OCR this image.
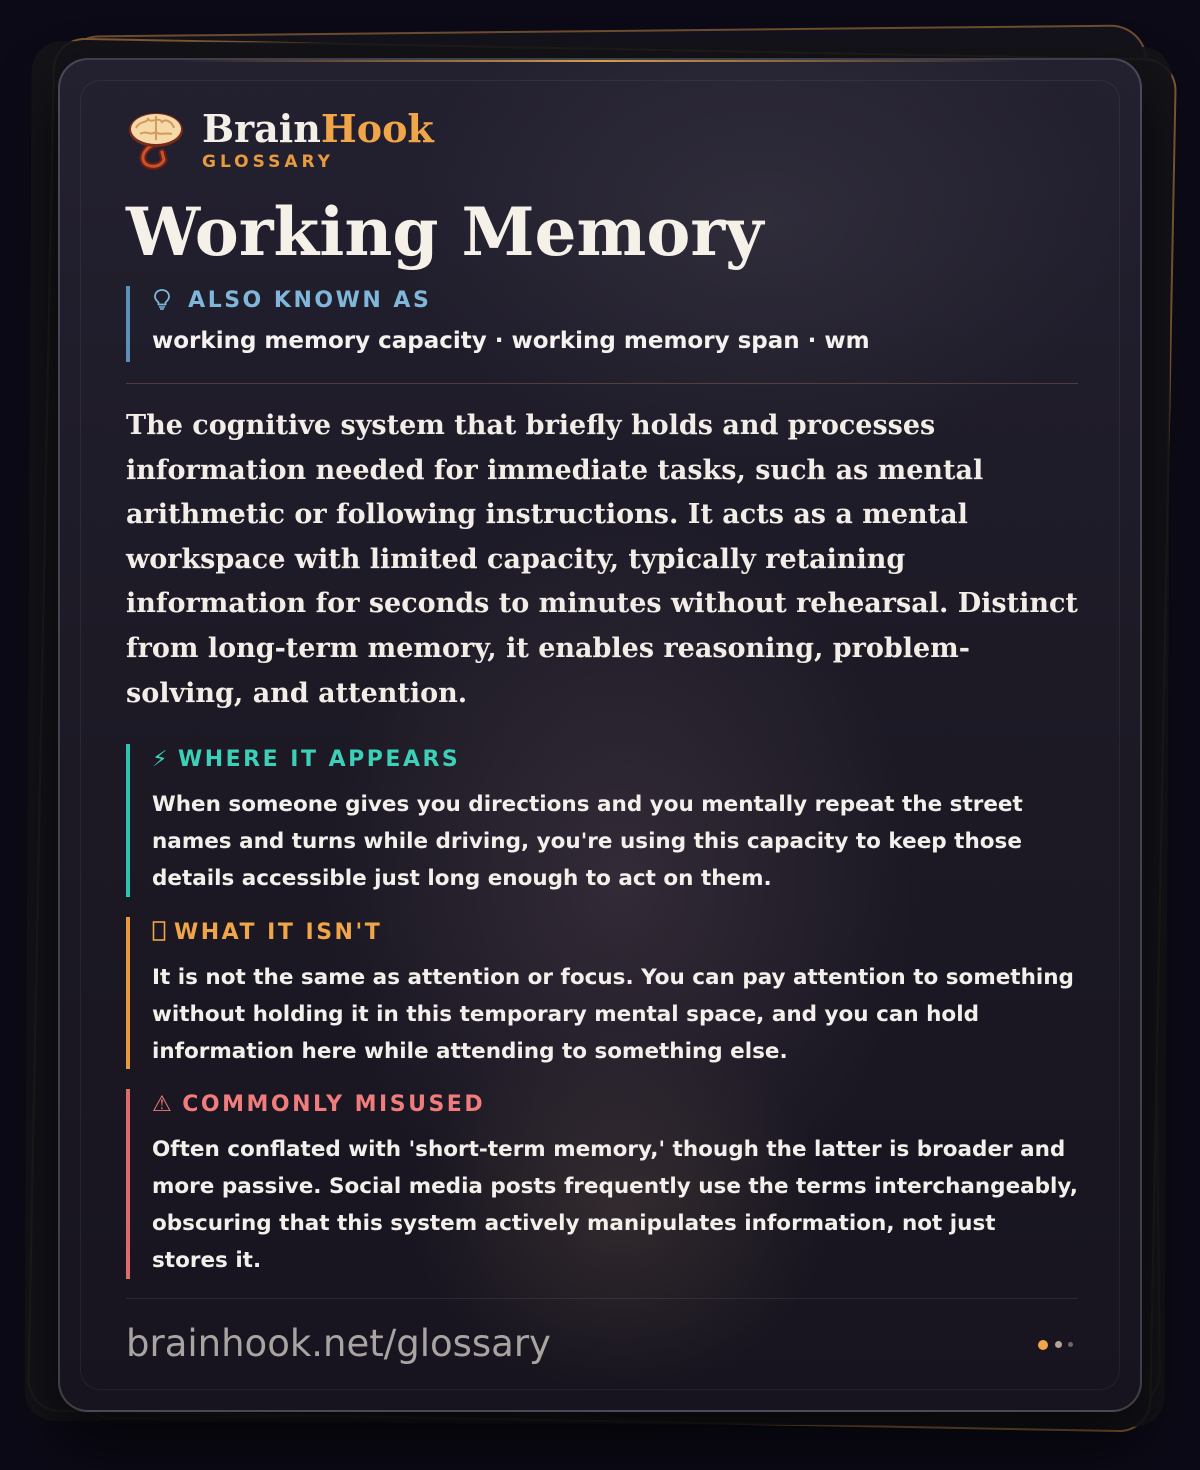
BrainHook
GLOSSARY
Working Memory
ALSO KNOWN AS
working memory capacity · working memory span · wm
The cognitive system that briefly holds and processes information needed for immediate tasks, such as mental arithmetic or following instructions. It acts as a mental workspace with limited capacity, typically retaining information for seconds to minutes without rehearsal. Distinct from long-term memory, it enables reasoning, problem-solving, and attention.
⚡ WHERE IT APPEARS
When someone gives you directions and you mentally repeat the street names and turns while driving, you're using this capacity to keep those details accessible just long enough to act on them.
WHAT IT ISN'T
It is not the same as attention or focus. You can pay attention to something without holding it in this temporary mental space, and you can hold information here while attending to something else.
⚠ COMMONLY MISUSED
Often conflated with 'short-term memory,' though the latter is broader and more passive. Social media posts frequently use the terms interchangeably, obscuring that this system actively manipulates information, not just stores it.
brainhook.net/glossary
